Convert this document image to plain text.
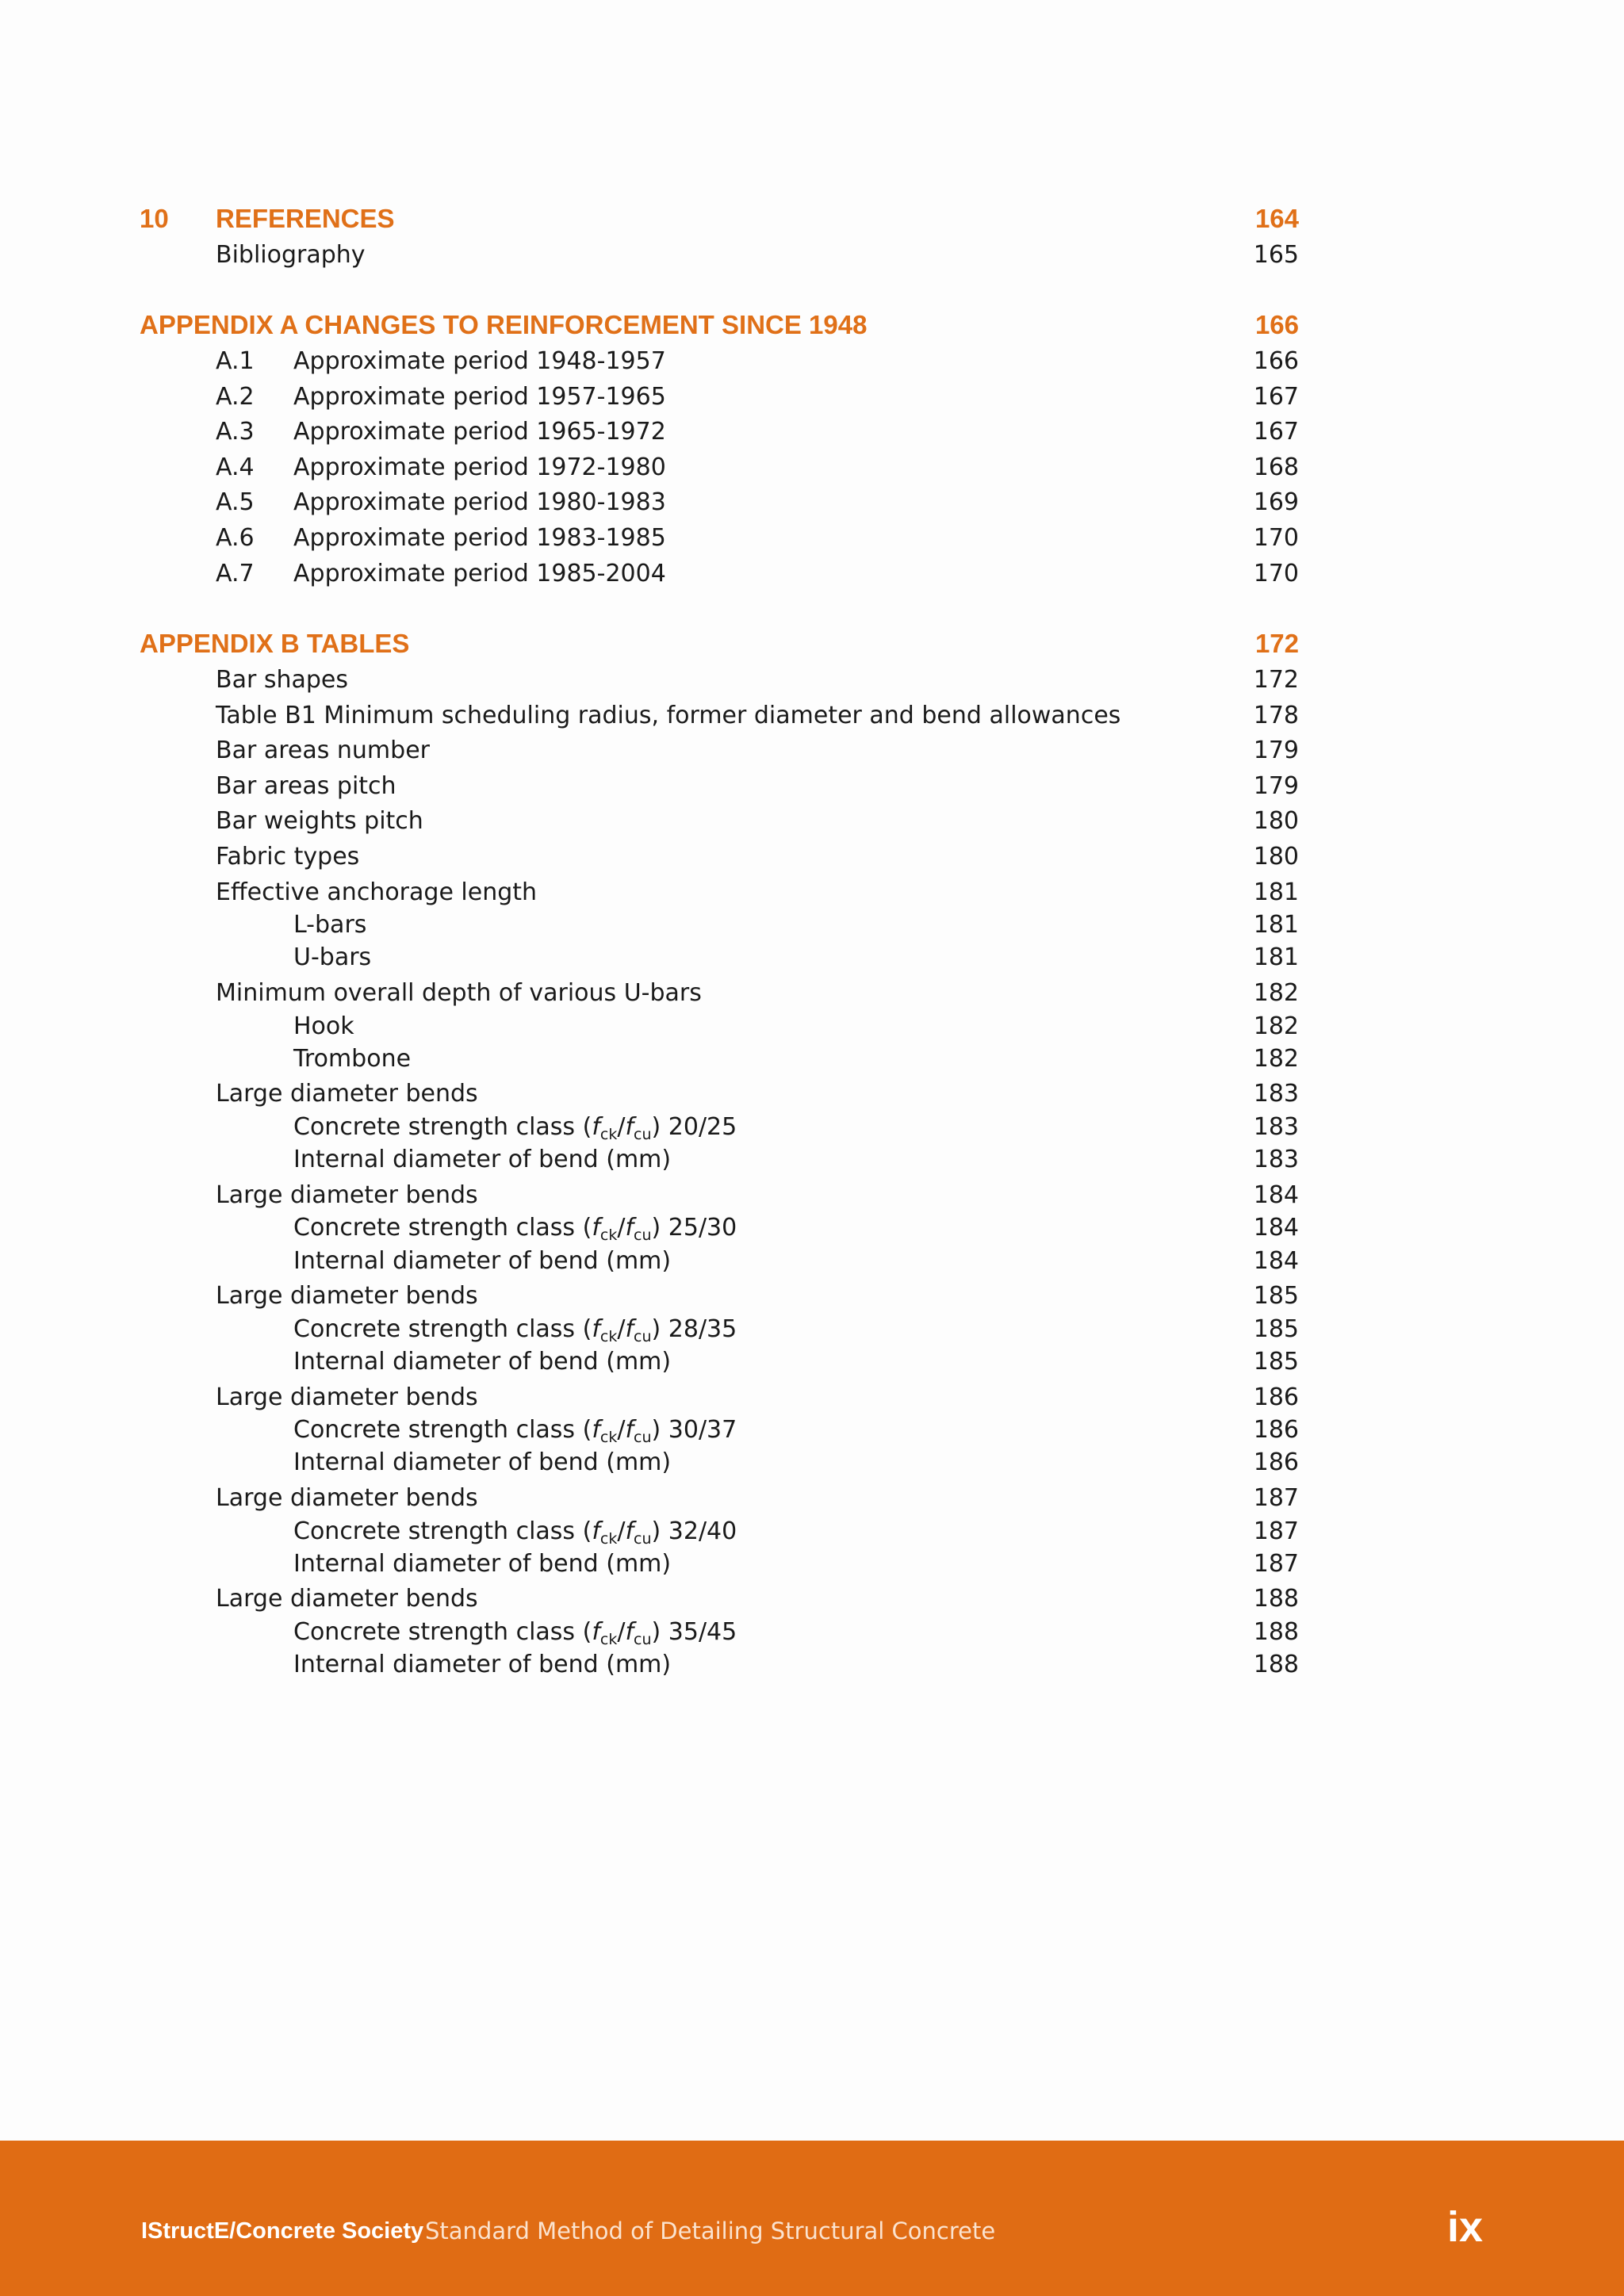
10 REFERENCES	164
Bibliography	165
APPENDIX A CHANGES TO REINFORCEMENT SINCE 1948	166
A.1 Approximate period 1948-1957	166
A.2 Approximate period 1957-1965	167
A.3 Approximate period 1965-1972	167
A.4 Approximate period 1972-1980	168
A.5 Approximate period 1980-1983	169
A.6 Approximate period 1983-1985	170
A.7 Approximate period 1985-2004	170
APPENDIX B TABLES	172
Bar shapes	172
Table B1 Minimum scheduling radius, former diameter and bend allowances	178
Bar areas number	179
Bar areas pitch	179
Bar weights pitch	180
Fabric types	180
Effective anchorage length	181
L-bars	181
U-bars	181
Minimum overall depth of various U-bars	182
Hook	182
Trombone	182
Large diameter bends	183
Concrete strength class $(f_{ck}/f_{cu})$ 20/25	183
Internal diameter of bend (mm)	183
Large diameter bends	184
Concrete strength class $(f_{ck}/f_{cu})$ 25/30	184
Internal diameter of bend (mm)	184
Large diameter bends	185
Concrete strength class $(f_{ck}/f_{cu})$ 28/35	185
Internal diameter of bend (mm)	185
Large diameter bends	186
Concrete strength class $(f_{ck}/f_{cu})$ 30/37	186
Internal diameter of bend (mm)	186
Large diameter bends	187
Concrete strength class $(f_{ck}/f_{cu})$ 32/40	187
Internal diameter of bend (mm)	187
Large diameter bends	188
Concrete strength class $(f_{ck}/f_{cu})$ 35/45	188
Internal diameter of bend (mm)	188
IStructE/Concrete Society Standard Method of Detailing Structural Concrete	ix
